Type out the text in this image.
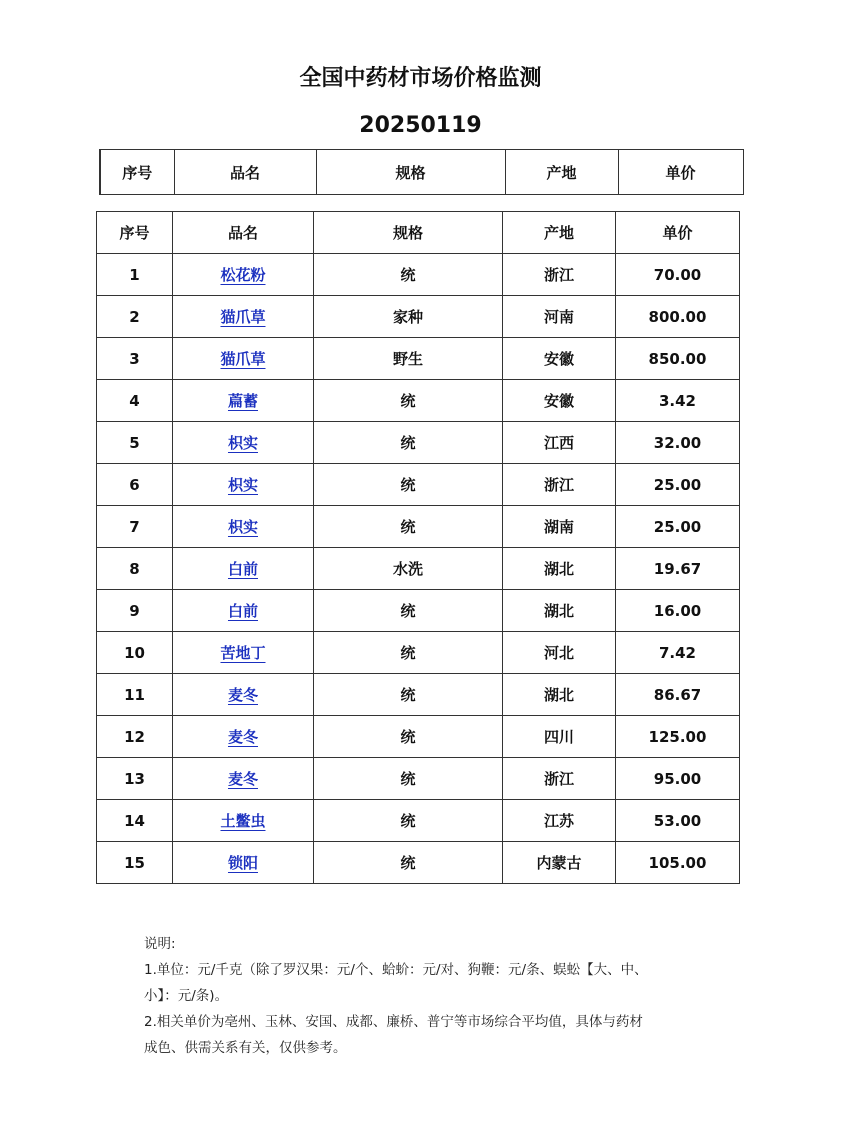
全国中药材市场价格监测
20250119
序号	品名	规格	产地	单价
序号	品名	规格	产地	单价
1	松花粉	统	浙江	70.00
2	猫爪草	家种	河南	800.00
3	猫爪草	野生	安徽	850.00
4	萹蓄	统	安徽	3.42
5	枳实	统	江西	32.00
6	枳实	统	浙江	25.00
7	枳实	统	湖南	25.00
8	白前	水洗	湖北	19.67
9	白前	统	湖北	16.00
10	苦地丁	统	河北	7.42
11	麦冬	统	湖北	86.67
12	麦冬	统	四川	125.00
13	麦冬	统	浙江	95.00
14	土鳖虫	统	江苏	53.00
15	锁阳	统	内蒙古	105.00
说明:
1.单位：元/千克（除了罗汉果：元/个、蛤蚧：元/对、狗鞭：元/条、蜈蚣【大、中、
小】：元/条)。
2.相关单价为亳州、玉林、安国、成都、廉桥、普宁等市场综合平均值，具体与药材
成色、供需关系有关，仅供参考。
